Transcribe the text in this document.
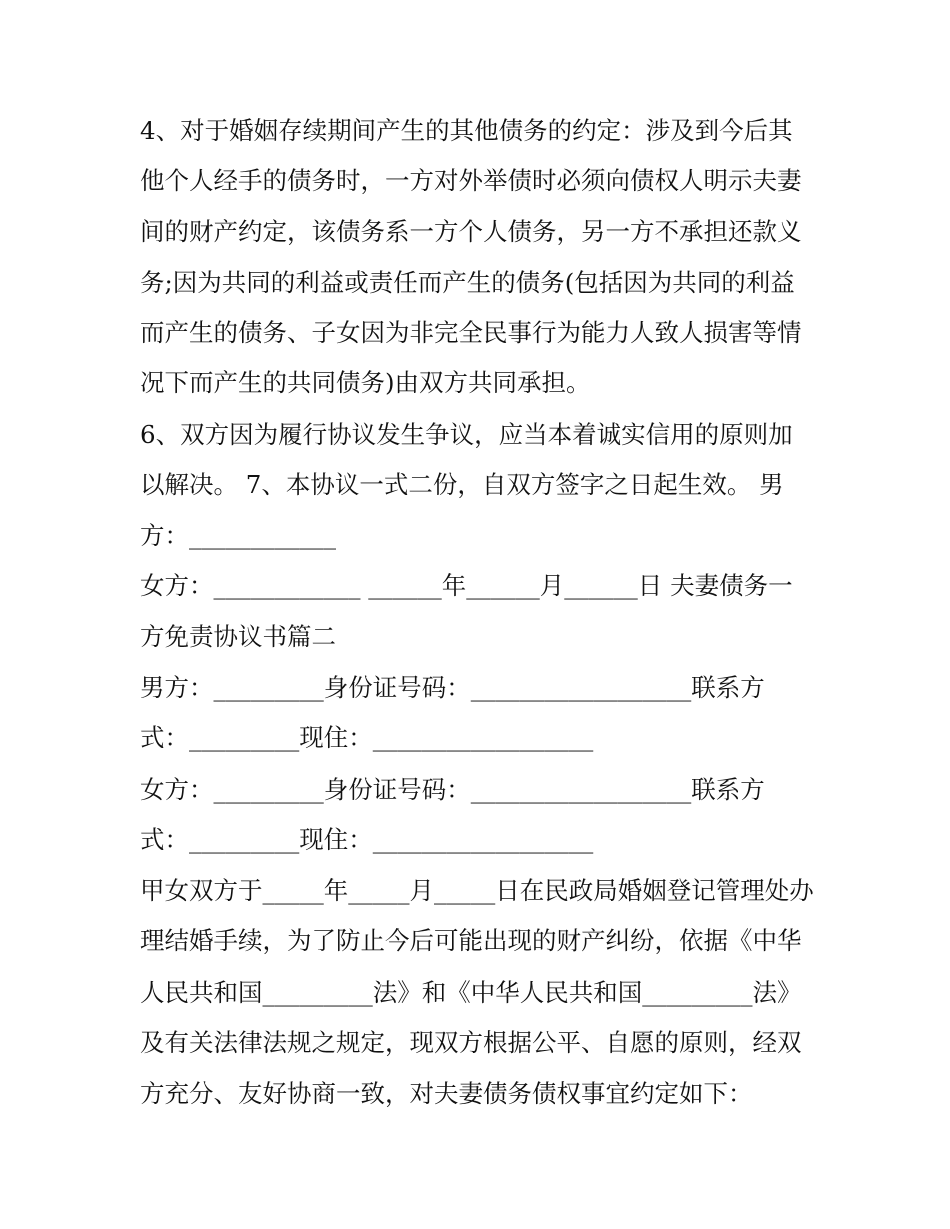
4、对于婚姻存续期间产生的其他债务的约定：涉及到今后其

他个人经手的债务时，一方对外举债时必须向债权人明示夫妻

间的财产约定，该债务系一方个人债务，另一方不承担还款义

务;因为共同的利益或责任而产生的债务(包括因为共同的利益

而产生的债务、子女因为非完全民事行为能力人致人损害等情

况下而产生的共同债务)由双方共同承担。

6、双方因为履行协议发生争议，应当本着诚实信用的原则加

以解决。 7、本协议一式二份，自双方签字之日起生效。 男

方：____________

女方：____________ ______年______月______日 夫妻债务一

方免责协议书篇二

男方：_________身份证号码：__________________联系方

式：_________现住：__________________

女方：_________身份证号码：__________________联系方

式：_________现住：__________________

甲女双方于_____年_____月_____日在民政局婚姻登记管理处办

理结婚手续，为了防止今后可能出现的财产纠纷，依据《中华

人民共和国_________法》和《中华人民共和国_________法》

及有关法律法规之规定，现双方根据公平、自愿的原则，经双

方充分、友好协商一致，对夫妻债务债权事宜约定如下：
